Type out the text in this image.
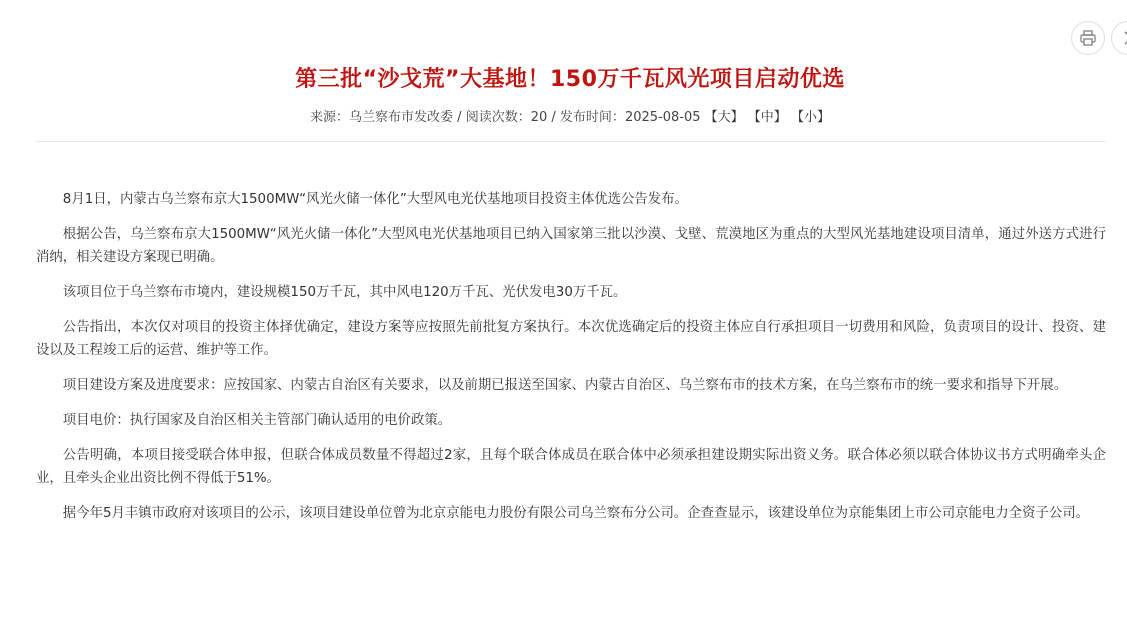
第三批“沙戈荒”大基地！150万千瓦风光项目启动优选
来源：乌兰察布市发改委 / 阅读次数：20 / 发布时间：2025-08-05 【大】 【中】 【小】

8月1日，内蒙古乌兰察布京大1500MW“风光火储一体化”大型风电光伏基地项目投资主体优选公告发布。

根据公告，乌兰察布京大1500MW“风光火储一体化”大型风电光伏基地项目已纳入国家第三批以沙漠、戈壁、荒漠地区为重点的大型风光基地建设项目清单，通过外送方式进行消纳，相关建设方案现已明确。

该项目位于乌兰察布市境内，建设规模150万千瓦，其中风电120万千瓦、光伏发电30万千瓦。

公告指出，本次仅对项目的投资主体择优确定，建设方案等应按照先前批复方案执行。本次优选确定后的投资主体应自行承担项目一切费用和风险，负责项目的设计、投资、建设以及工程竣工后的运营、维护等工作。

项目建设方案及进度要求：应按国家、内蒙古自治区有关要求，以及前期已报送至国家、内蒙古自治区、乌兰察布市的技术方案，在乌兰察布市的统一要求和指导下开展。

项目电价：执行国家及自治区相关主管部门确认适用的电价政策。

公告明确，本项目接受联合体申报，但联合体成员数量不得超过2家，且每个联合体成员在联合体中必须承担建设期实际出资义务。联合体必须以联合体协议书方式明确牵头企业，且牵头企业出资比例不得低于51%。

据今年5月丰镇市政府对该项目的公示，该项目建设单位曾为北京京能电力股份有限公司乌兰察布分公司。企查查显示，该建设单位为京能集团上市公司京能电力全资子公司。
